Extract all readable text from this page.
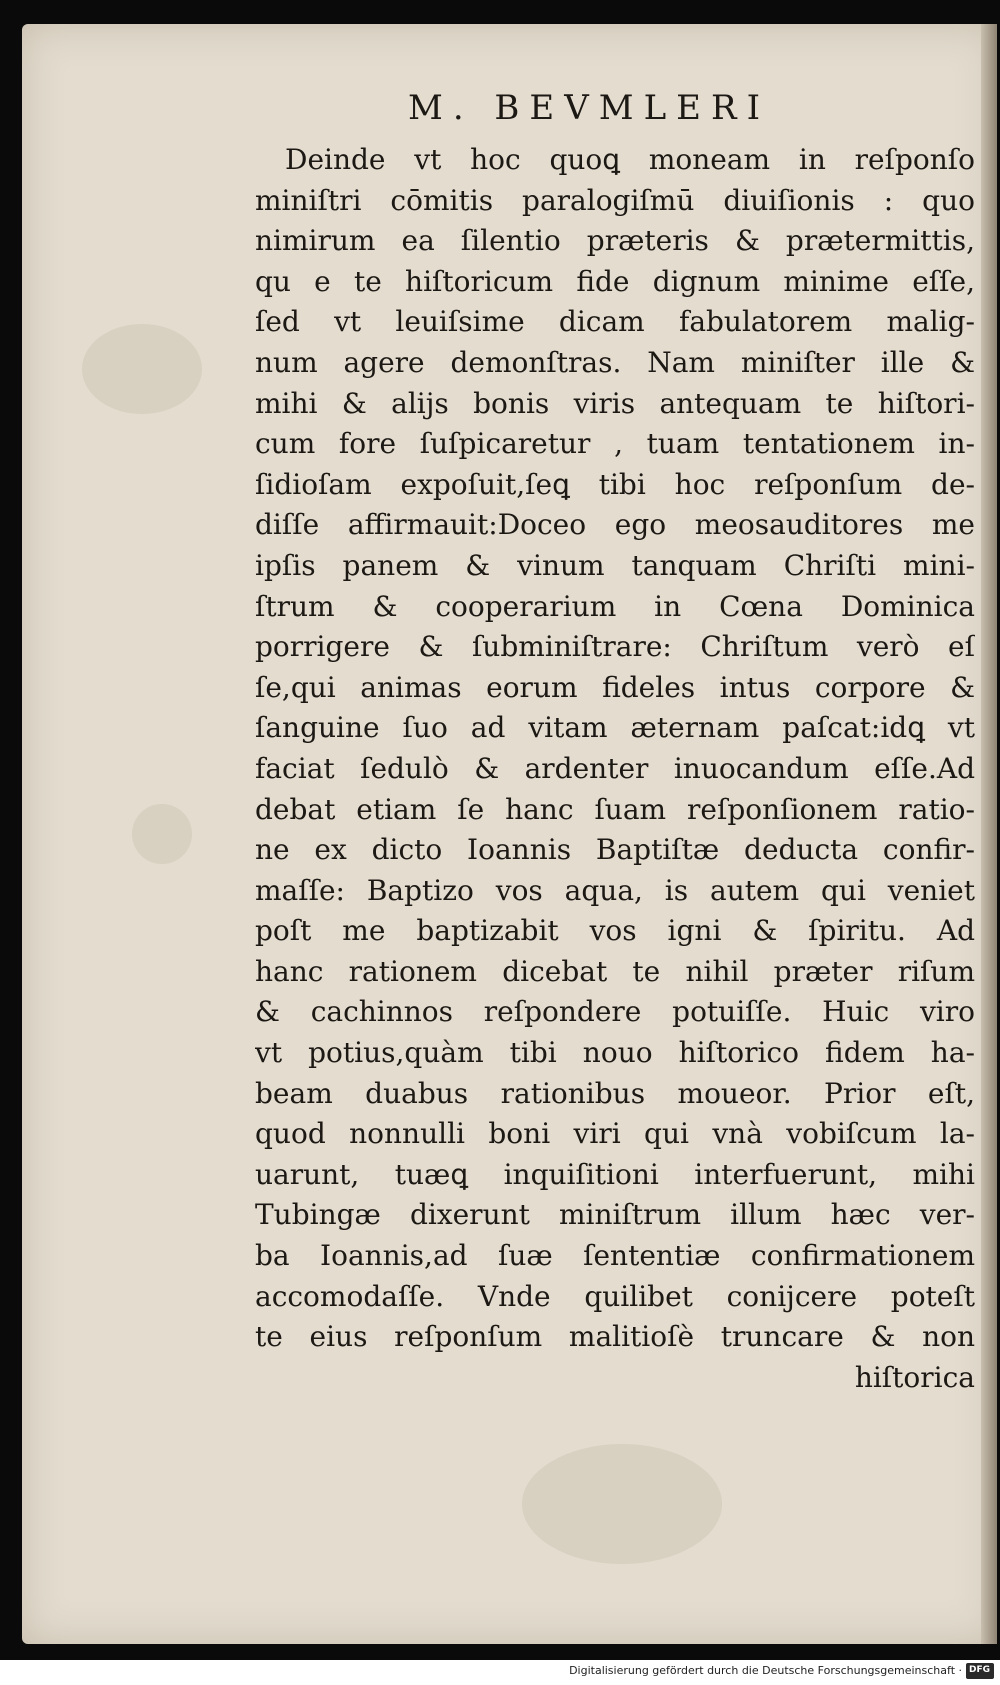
M. BEVMLERI
Deinde vt hoc quoꝗ moneam in reſponſo
miniſtri cōmitis paralogiſmū diuiſionis : quo
nimirum ea ſilentio præteris & prætermittis,
qu e te hiſtoricum fide dignum minime eſſe,
ſed vt leuiſsime dicam fabulatorem malig-
num agere demonſtras. Nam miniſter ille &
mihi & alijs bonis viris antequam te hiſtori-
cum fore ſuſpicaretur , tuam tentationem in-
ſidioſam expoſuit,ſeꝗ tibi hoc reſponſum de-
diſſe affirmauit:Doceo ego meosauditores me
ipſis panem & vinum tanquam Chriſti mini-
ſtrum & cooperarium in Cœna Dominica
porrigere & ſubminiſtrare: Chriſtum verò eſ
ſe,qui animas eorum fideles intus corpore &
ſanguine ſuo ad vitam æternam paſcat:idꝗ vt
faciat ſedulò & ardenter inuocandum eſſe.Ad
debat etiam ſe hanc ſuam reſponſionem ratio-
ne ex dicto Ioannis Baptiſtæ deducta confir-
maſſe: Baptizo vos aqua, is autem qui veniet
poſt me baptizabit vos igni & ſpiritu. Ad
hanc rationem dicebat te nihil præter riſum
& cachinnos reſpondere potuiſſe. Huic viro
vt potius,quàm tibi nouo hiſtorico fidem ha-
beam duabus rationibus moueor. Prior eſt,
quod nonnulli boni viri qui vnà vobiſcum la-
uarunt, tuæꝗ inquiſitioni interfuerunt, mihi
Tubingæ dixerunt miniſtrum illum hæc ver-
ba Ioannis,ad ſuæ ſententiæ confirmationem
accomodaſſe. Vnde quilibet conijcere poteſt
te eius reſponſum malitioſè truncare & non
hiſtorica
Digitalisierung gefördert durch die Deutsche Forschungsgemeinschaft · DFG
